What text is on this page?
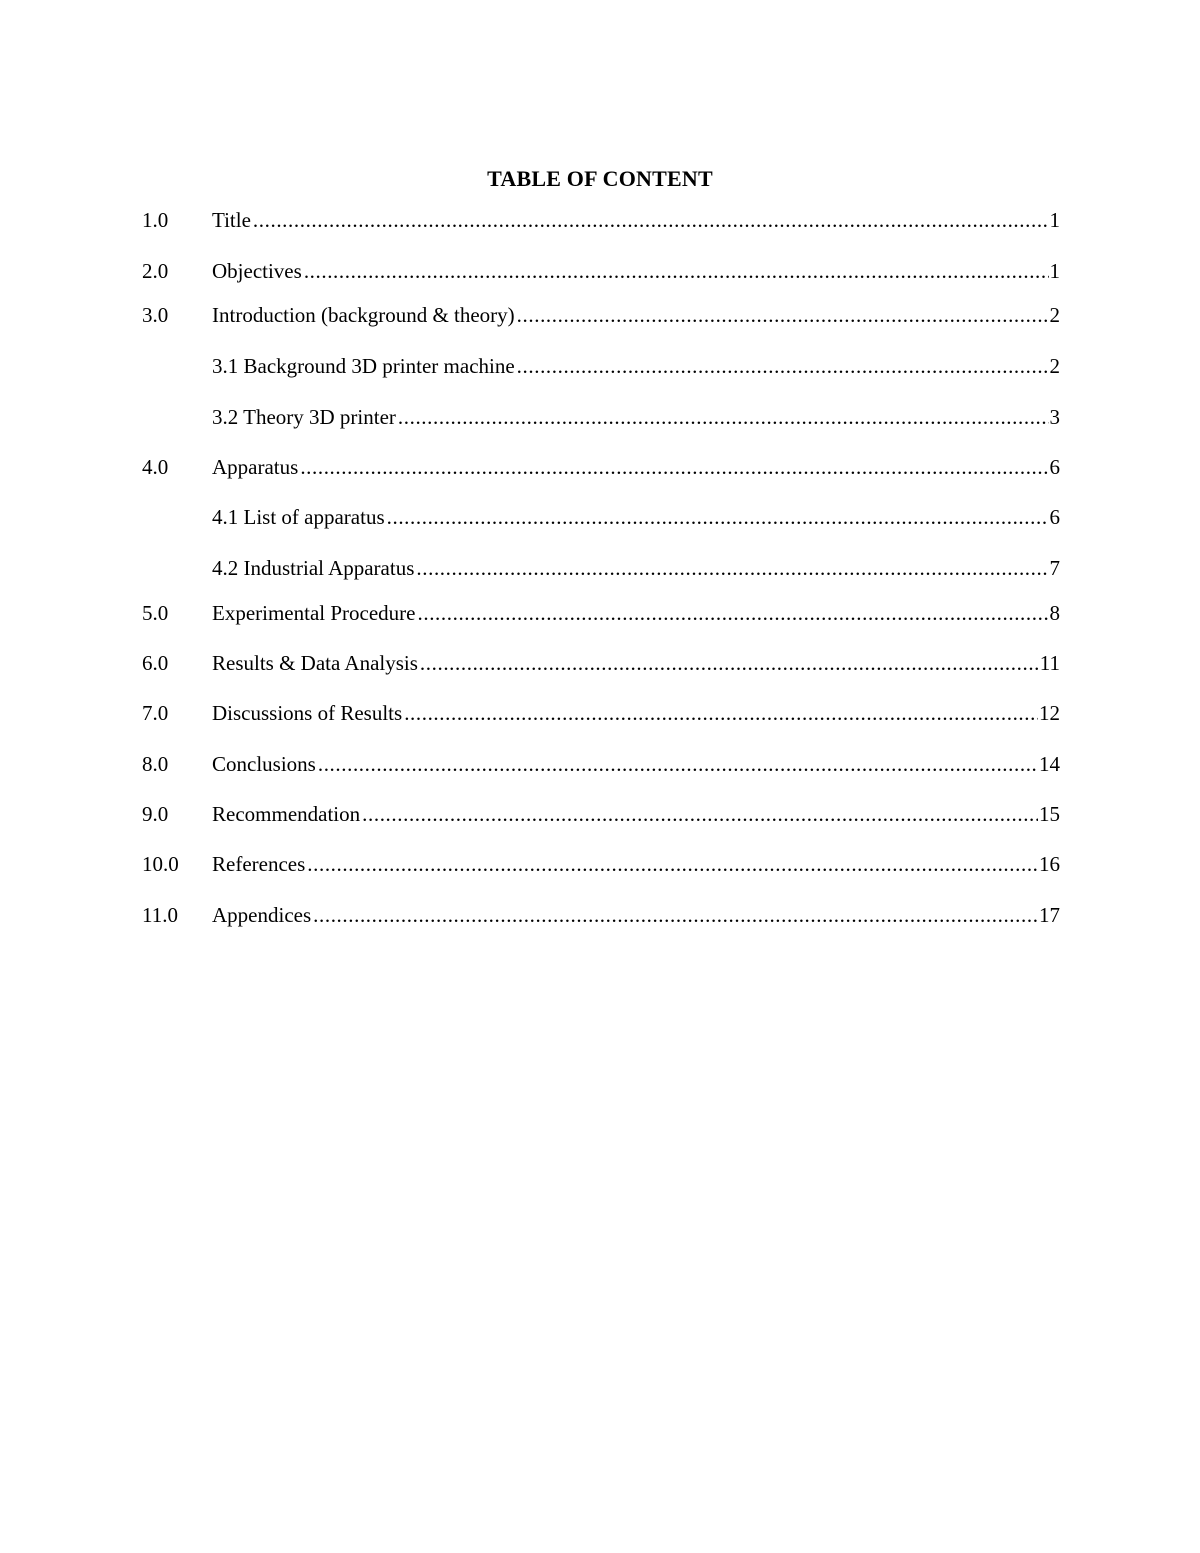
TABLE OF CONTENT
1.0 Title .....	1
2.0 Objectives .....	1
3.0 Introduction (background & theory) .....	2
3.1 Background 3D printer machine .....	2
3.2 Theory 3D printer .....	3
4.0 Apparatus .....	6
4.1 List of apparatus .....	6
4.2 Industrial Apparatus .....	7
5.0 Experimental Procedure .....	8
6.0 Results & Data Analysis .....	11
7.0 Discussions of Results .....	12
8.0 Conclusions .....	14
9.0 Recommendation .....	15
10.0 References .....	16
11.0 Appendices .....	17
